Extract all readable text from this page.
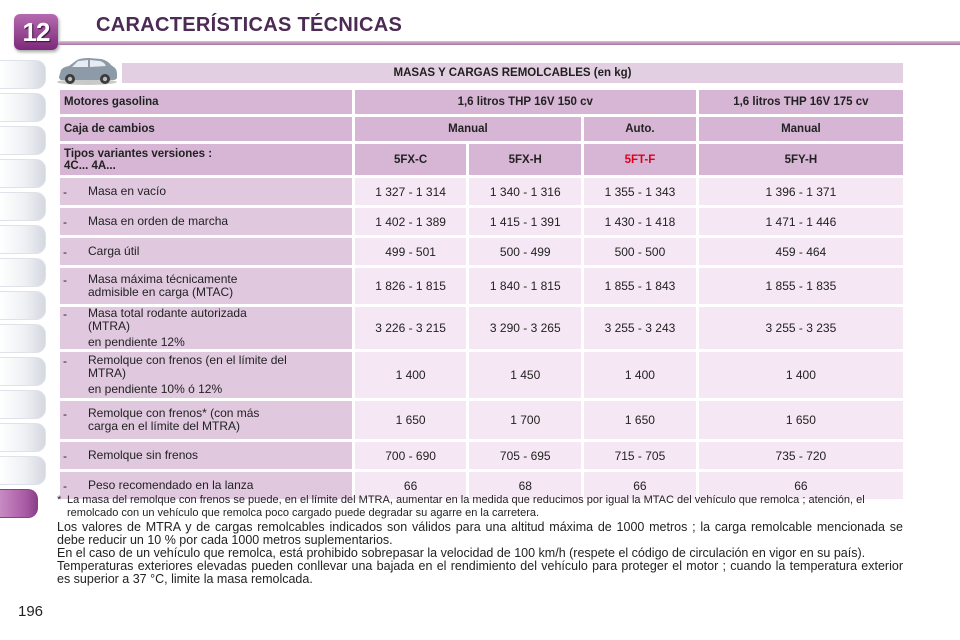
12 CARACTERÍSTICAS TÉCNICAS
196
MASAS Y CARGAS REMOLCABLES (en kg)
Motores gasolina	1,6 litros THP 16V 150 cv			1,6 litros THP 16V 175 cv
Caja de cambios	Manual		Auto.	Manual

Tipos variantes versiones :
4C... 4A...	5FX-C	5FX-H	5FT-F	5FY-H

- Masa en vacío	1 327 - 1 314	1 340 - 1 316	1 355 - 1 343	1 396 - 1 371

- Masa en orden de marcha	1 402 - 1 389	1 415 - 1 391	1 430 - 1 418	1 471 - 1 446

- Carga útil	499 - 501	500 - 499	500 - 500	459 - 464

- Masa máxima técnicamente
admisible en carga (MTAC)	1 826 - 1 815	1 840 - 1 815	1 855 - 1 843	1 855 - 1 835

- Masa total rodante autorizada
(MTRA)
en pendiente 12%	3 226 - 3 215	3 290 - 3 265	3 255 - 3 243	3 255 - 3 235

- Remolque con frenos (en el límite del
MTRA)
en pendiente 10% ó 12%	1 400	1 450	1 400	1 400

- Remolque con frenos* (con más
carga en el límite del MTRA)	1 650	1 700	1 650	1 650

- Remolque sin frenos	700 - 690	705 - 695	715 - 705	735 - 720

- Peso recomendado en la lanza	66	68	66	66
* La masa del remolque con frenos se puede, en el límite del MTRA, aumentar en la medida que reducimos por igual la MTAC del vehículo que remolca ; atención, el remolcado con un vehículo que remolca poco cargado puede degradar su agarre en la carretera.

Los valores de MTRA y de cargas remolcables indicados son válidos para una altitud máxima de 1000 metros ; la carga remolcable mencionada se debe reducir un 10 % por cada 1000 metros suplementarios.

En el caso de un vehículo que remolca, está prohibido sobrepasar la velocidad de 100 km/h (respete el código de circulación en vigor en su país).

Temperaturas exteriores elevadas pueden conllevar una bajada en el rendimiento del vehículo para proteger el motor ; cuando la temperatura exterior es superior a 37 °C, limite la masa remolcada.
